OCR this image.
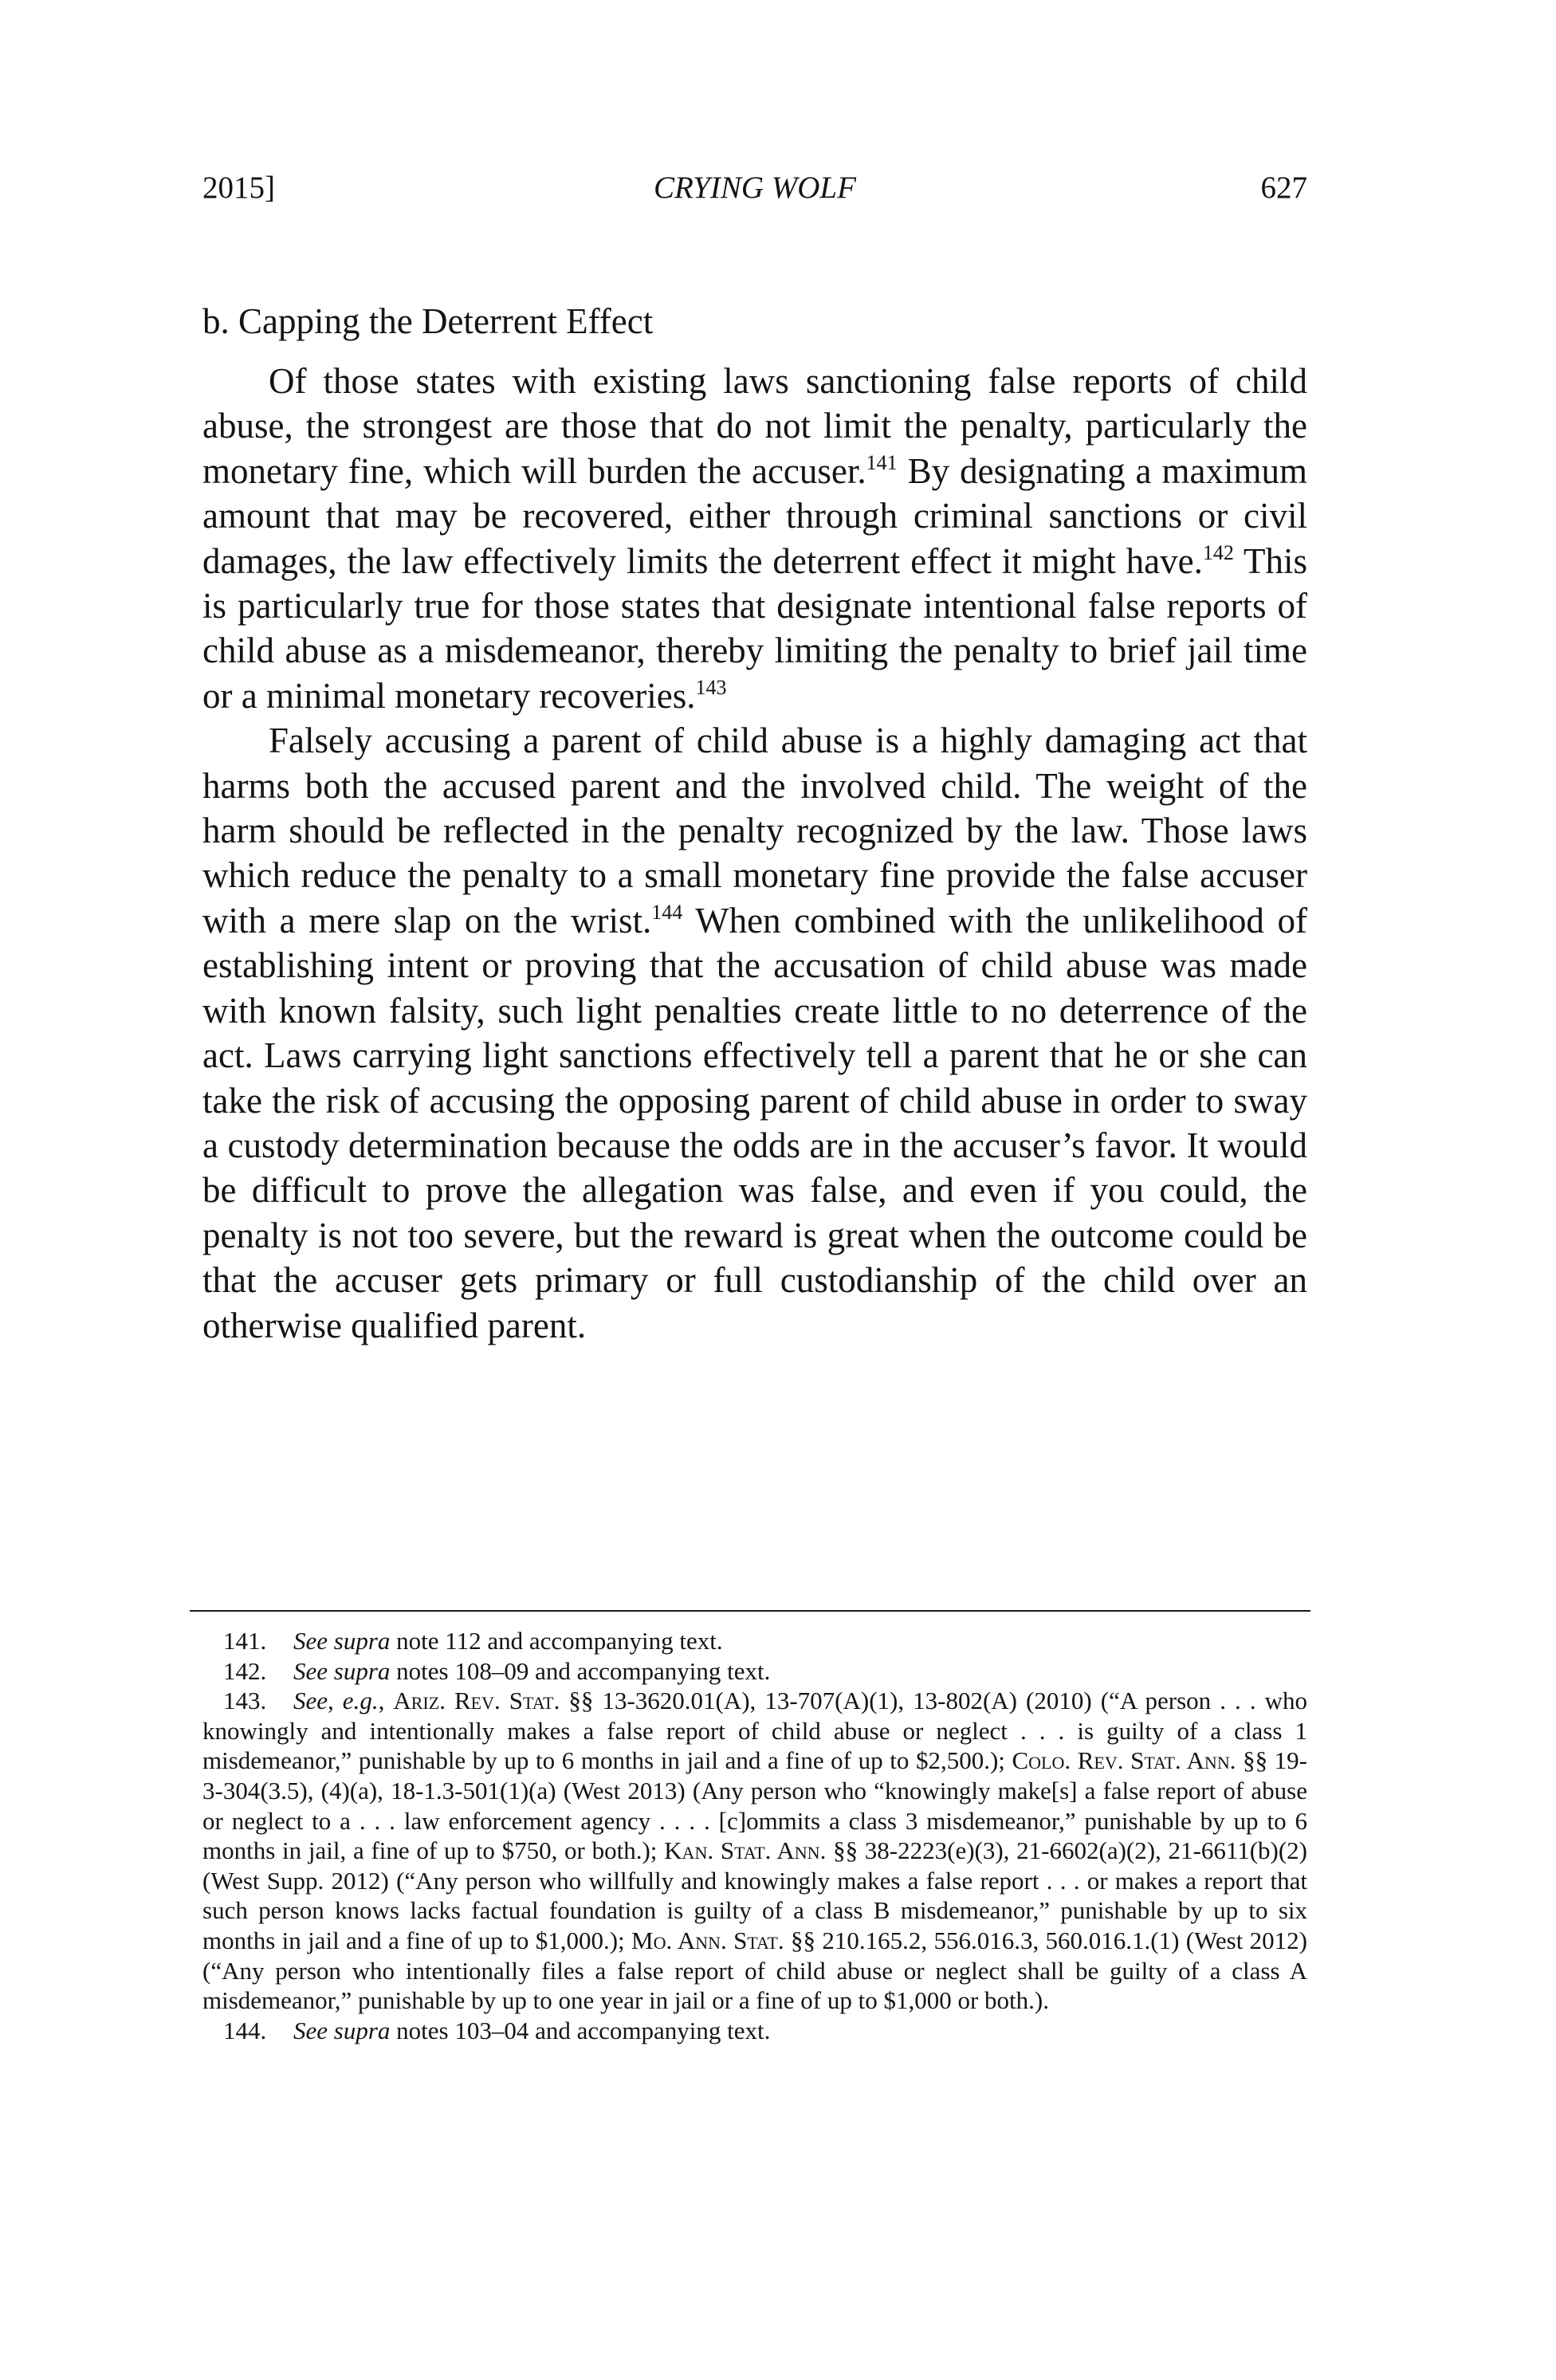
2015]	CRYING WOLF	627
b. Capping the Deterrent Effect

Of those states with existing laws sanctioning false reports of child abuse, the strongest are those that do not limit the penalty, particularly the monetary fine, which will burden the accuser.$^{141}$ By designating a maximum amount that may be recovered, either through criminal sanctions or civil damages, the law effectively limits the deterrent effect it might have.$^{142}$ This is particularly true for those states that designate intentional false reports of child abuse as a misdemeanor, thereby limiting the penalty to brief jail time or a minimal monetary recoveries.$^{143}$

Falsely accusing a parent of child abuse is a highly damaging act that harms both the accused parent and the involved child. The weight of the harm should be reflected in the penalty recognized by the law. Those laws which reduce the penalty to a small monetary fine provide the false accuser with a mere slap on the wrist.$^{144}$ When combined with the unlikelihood of establishing intent or proving that the accusation of child abuse was made with known falsity, such light penalties create little to no deterrence of the act. Laws carrying light sanctions effectively tell a parent that he or she can take the risk of accusing the opposing parent of child abuse in order to sway a custody determination because the odds are in the accuser’s favor. It would be difficult to prove the allegation was false, and even if you could, the penalty is not too severe, but the reward is great when the outcome could be that the accuser gets primary or full custodianship of the child over an otherwise qualified parent.

141. See supra note 112 and accompanying text.

142. See supra notes 108–09 and accompanying text.

143. See, e.g., Ariz. Rev. Stat. §§ 13-3620.01(A), 13-707(A)(1), 13-802(A) (2010) (“A person . . . who knowingly and intentionally makes a false report of child abuse or neglect . . . is guilty of a class 1 misdemeanor,” punishable by up to 6 months in jail and a fine of up to $2,500.); Colo. Rev. Stat. Ann. §§ 19-3-304(3.5), (4)(a), 18-1.3-501(1)(a) (West 2013) (Any person who “knowingly make[s] a false report of abuse or neglect to a . . . law enforcement agency . . . . [c]ommits a class 3 misdemeanor,” punishable by up to 6 months in jail, a fine of up to $750, or both.); Kan. Stat. Ann. §§ 38-2223(e)(3), 21-6602(a)(2), 21-6611(b)(2) (West Supp. 2012) (“Any person who willfully and knowingly makes a false report . . . or makes a report that such person knows lacks factual foundation is guilty of a class B misdemeanor,” punishable by up to six months in jail and a fine of up to $1,000.); Mo. Ann. Stat. §§ 210.165.2, 556.016.3, 560.016.1.(1) (West 2012) (“Any person who intentionally files a false report of child abuse or neglect shall be guilty of a class A misdemeanor,” punishable by up to one year in jail or a fine of up to $1,000 or both.).

144. See supra notes 103–04 and accompanying text.
